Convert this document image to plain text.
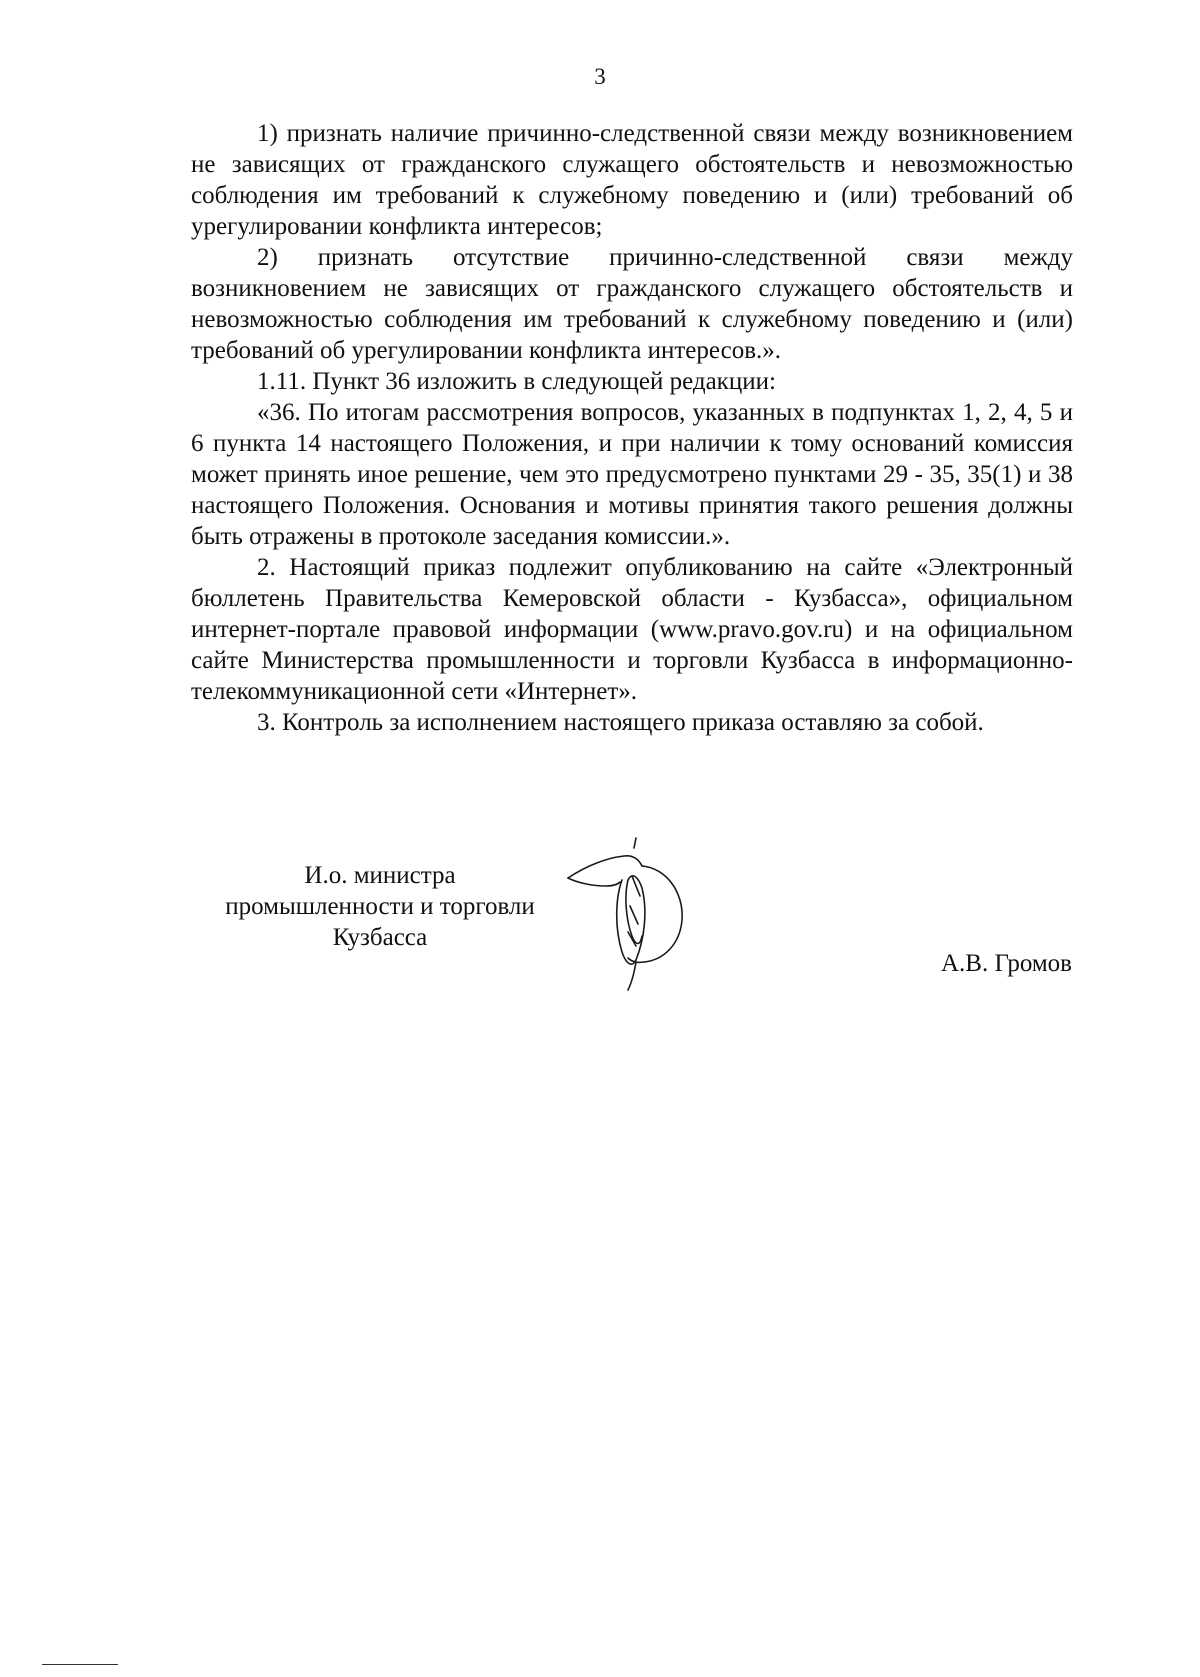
3

1) признать наличие причинно-следственной связи между возникновением не зависящих от гражданского служащего обстоятельств и невозможностью соблюдения им требований к служебному поведению и (или) требований об урегулировании конфликта интересов;

2) признать отсутствие причинно-следственной связи между возникновением не зависящих от гражданского служащего обстоятельств и невозможностью соблюдения им требований к служебному поведению и (или) требований об урегулировании конфликта интересов.».

1.11. Пункт 36 изложить в следующей редакции:

«36. По итогам рассмотрения вопросов, указанных в подпунктах 1, 2, 4, 5 и 6 пункта 14 настоящего Положения, и при наличии к тому оснований комиссия может принять иное решение, чем это предусмотрено пунктами 29 - 35, 35(1) и 38 настоящего Положения. Основания и мотивы принятия такого решения должны быть отражены в протоколе заседания комиссии.».

2. Настоящий приказ подлежит опубликованию на сайте «Электронный бюллетень Правительства Кемеровской области - Кузбасса», официальном интернет-портале правовой информации (www.pravo.gov.ru) и на официальном сайте Министерства промышленности и торговли Кузбасса в информационно-телекоммуникационной сети «Интернет».

3. Контроль за исполнением настоящего приказа оставляю за собой.

И.о. министра
промышленности и торговли
Кузбасса
А.В. Громов
